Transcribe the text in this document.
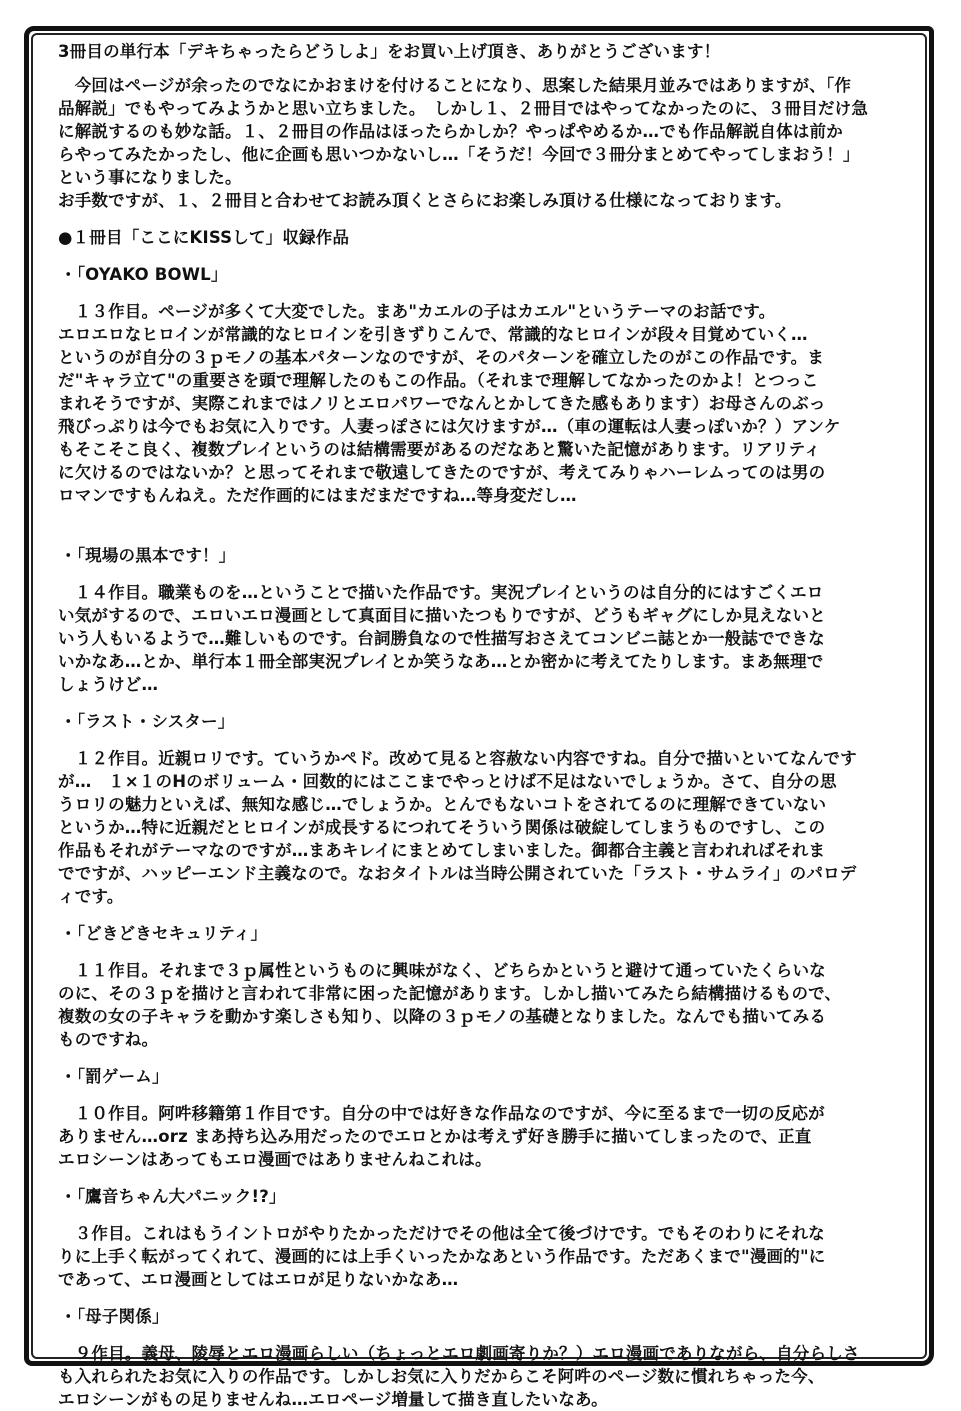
3冊目の単行本「デキちゃったらどうしよ」をお買い上げ頂き、ありがとうございます！

　今回はページが余ったのでなにかおまけを付けることになり、思案した結果月並みではありますが、「作

品解説」でもやってみようかと思い立ちました。　しかし１、２冊目ではやってなかったのに、３冊目だけ急

に解説するのも妙な話。１、２冊目の作品はほったらかしか？やっぱやめるか…でも作品解説自体は前か

らやってみたかったし、他に企画も思いつかないし…「そうだ！今回で３冊分まとめてやってしまおう！」

という事になりました。

お手数ですが、１、２冊目と合わせてお読み頂くとさらにお楽しみ頂ける仕様になっております。

●１冊目「ここにKISSして」収録作品

・「OYAKO BOWL」

　１３作目。ページが多くて大変でした。まあ"カエルの子はカエル"というテーマのお話です。

エロエロなヒロインが常識的なヒロインを引きずりこんで、常識的なヒロインが段々目覚めていく…

というのが自分の３ｐモノの基本パターンなのですが、そのパターンを確立したのがこの作品です。ま

だ"キャラ立て"の重要さを頭で理解したのもこの作品。（それまで理解してなかったのかよ！とつっこ

まれそうですが、実際これまではノリとエロパワーでなんとかしてきた感もあります）お母さんのぶっ

飛びっぷりは今でもお気に入りです。人妻っぽさには欠けますが…（車の運転は人妻っぽいか？）アンケ

もそこそこ良く、複数プレイというのは結構需要があるのだなあと驚いた記憶があります。リアリティ

に欠けるのではないか？と思ってそれまで敬遠してきたのですが、考えてみりゃハーレムってのは男の

ロマンですもんねえ。ただ作画的にはまだまだですね…等身変だし…

・「現場の黒本です！」

　１４作目。職業ものを…ということで描いた作品です。実況プレイというのは自分的にはすごくエロ

い気がするので、エロいエロ漫画として真面目に描いたつもりですが、どうもギャグにしか見えないと

いう人もいるようで…難しいものです。台詞勝負なので性描写おさえてコンビニ誌とか一般誌でできな

いかなあ…とか、単行本１冊全部実況プレイとか笑うなあ…とか密かに考えてたりします。まあ無理で

しょうけど…

・「ラスト・シスター」

　１２作目。近親ロリです。ていうかペド。改めて見ると容赦ない内容ですね。自分で描いといてなんです

が…　１×１のHのボリューム・回数的にはここまでやっとけば不足はないでしょうか。さて、自分の思

うロリの魅力といえば、無知な感じ…でしょうか。とんでもないコトをされてるのに理解できていない

というか…特に近親だとヒロインが成長するにつれてそういう関係は破綻してしまうものですし、この

作品もそれがテーマなのですが…まあキレイにまとめてしまいました。御都合主義と言われればそれま

でですが、ハッピーエンド主義なので。なおタイトルは当時公開されていた「ラスト・サムライ」のパロデ

ィです。

・「どきどきセキュリティ」

　１１作目。それまで３ｐ属性というものに興味がなく、どちらかというと避けて通っていたくらいな

のに、その３ｐを描けと言われて非常に困った記憶があります。しかし描いてみたら結構描けるもので、

複数の女の子キャラを動かす楽しさも知り、以降の３ｐモノの基礎となりました。なんでも描いてみる

ものですね。

・「罰ゲーム」

　１０作目。阿吽移籍第１作目です。自分の中では好きな作品なのですが、今に至るまで一切の反応が

ありません…orz まあ持ち込み用だったのでエロとかは考えず好き勝手に描いてしまったので、正直

エロシーンはあってもエロ漫画ではありませんねこれは。

・「鷹音ちゃん大パニック!?」

　３作目。これはもうイントロがやりたかっただけでその他は全て後づけです。でもそのわりにそれな

りに上手く転がってくれて、漫画的には上手くいったかなあという作品です。ただあくまで"漫画的"に

であって、エロ漫画としてはエロが足りないかなあ…

・「母子関係」

　９作目。義母、陵辱とエロ漫画らしい（ちょっとエロ劇画寄りか？）エロ漫画でありながら、自分らしさ

も入れられたお気に入りの作品です。しかしお気に入りだからこそ阿吽のページ数に慣れちゃった今、

エロシーンがもの足りませんね…エロページ増量して描き直したいなあ。
